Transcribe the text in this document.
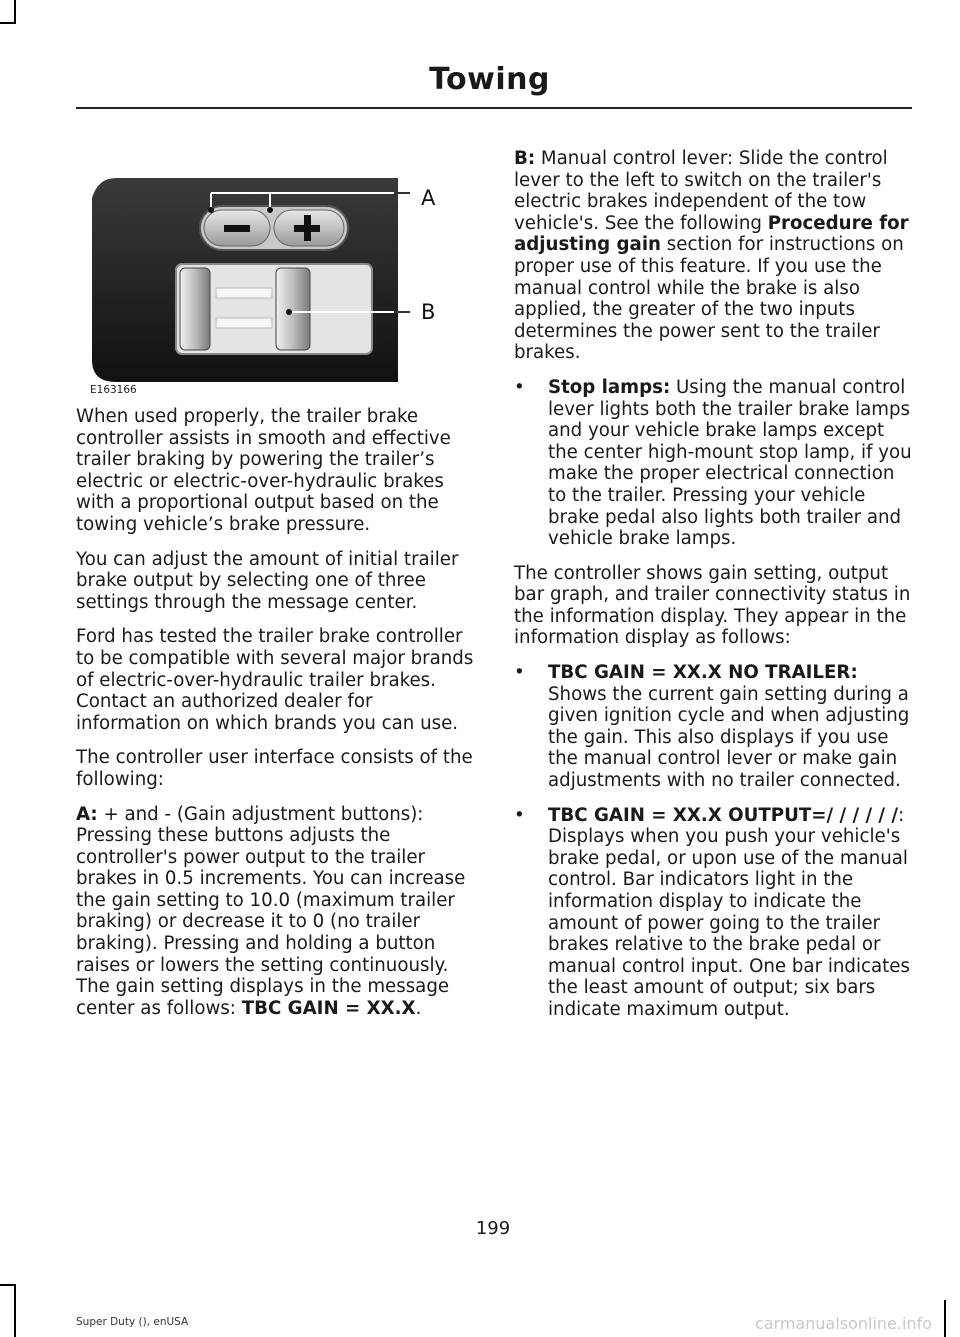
Towing
A
B
E163166

When used properly, the trailer brake controller assists in smooth and effective trailer braking by powering the trailer’s electric or electric-over-hydraulic brakes with a proportional output based on the towing vehicle’s brake pressure.

You can adjust the amount of initial trailer brake output by selecting one of three settings through the message center.

Ford has tested the trailer brake controller to be compatible with several major brands of electric-over-hydraulic trailer brakes. Contact an authorized dealer for information on which brands you can use.

The controller user interface consists of the following:

A: + and - (Gain adjustment buttons): Pressing these buttons adjusts the controller's power output to the trailer brakes in 0.5 increments. You can increase the gain setting to 10.0 (maximum trailer braking) or decrease it to 0 (no trailer braking). Pressing and holding a button raises or lowers the setting continuously. The gain setting displays in the message center as follows: TBC GAIN = XX.X.

B: Manual control lever: Slide the control lever to the left to switch on the trailer's electric brakes independent of the tow vehicle's. See the following Procedure for adjusting gain section for instructions on proper use of this feature. If you use the manual control while the brake is also applied, the greater of the two inputs determines the power sent to the trailer brakes.

• Stop lamps: Using the manual control lever lights both the trailer brake lamps and your vehicle brake lamps except the center high-mount stop lamp, if you make the proper electrical connection to the trailer. Pressing your vehicle brake pedal also lights both trailer and vehicle brake lamps.

The controller shows gain setting, output bar graph, and trailer connectivity status in the information display. They appear in the information display as follows:

• TBC GAIN = XX.X NO TRAILER: Shows the current gain setting during a given ignition cycle and when adjusting the gain. This also displays if you use the manual control lever or make gain adjustments with no trailer connected.
• TBC GAIN = XX.X OUTPUT=/ / / / / /: Displays when you push your vehicle's brake pedal, or upon use of the manual control. Bar indicators light in the information display to indicate the amount of power going to the trailer brakes relative to the brake pedal or manual control input. One bar indicates the least amount of output; six bars indicate maximum output.
199
Super Duty (), enUSA	carmanualsonline.info
